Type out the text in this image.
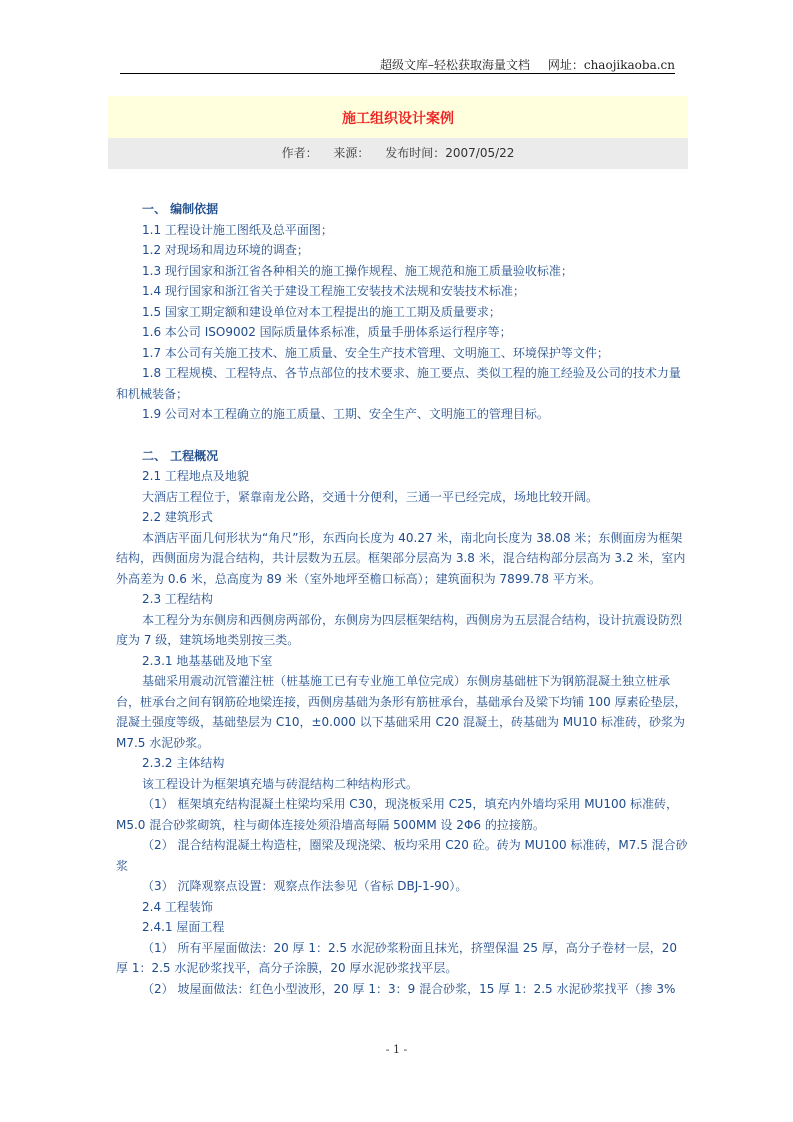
超级文库–轻松获取海量文档 网址：chaojikaoba.cn
施工组织设计案例
作者： 来源： 发布时间：2007/05/22

一、 编制依据

1.1 工程设计施工图纸及总平面图；

1.2 对现场和周边环境的调查；

1.3 现行国家和浙江省各种相关的施工操作规程、施工规范和施工质量验收标准；

1.4 现行国家和浙江省关于建设工程施工安装技术法规和安装技术标准；

1.5 国家工期定额和建设单位对本工程提出的施工工期及质量要求；

1.6 本公司 ISO9002 国际质量体系标准，质量手册体系运行程序等；

1.7 本公司有关施工技术、施工质量、安全生产技术管理、文明施工、环境保护等文件；

1.8 工程规模、工程特点、各节点部位的技术要求、施工要点、类似工程的施工经验及公司的技术力量和机械装备；

1.9 公司对本工程确立的施工质量、工期、安全生产、文明施工的管理目标。

二、 工程概况

2.1 工程地点及地貌

大酒店工程位于，紧靠南龙公路，交通十分便利，三通一平已经完成，场地比较开阔。

2.2 建筑形式

本酒店平面几何形状为“角尺”形，东西向长度为 40.27 米，南北向长度为 38.08 米；东侧面房为框架结构，西侧面房为混合结构，共计层数为五层。框架部分层高为 3.8 米，混合结构部分层高为 3.2 米，室内外高差为 0.6 米，总高度为 89 米（室外地坪至檐口标高）；建筑面积为 7899.78 平方米。

2.3 工程结构

本工程分为东侧房和西侧房两部份，东侧房为四层框架结构，西侧房为五层混合结构，设计抗震设防烈度为 7 级，建筑场地类别按三类。

2.3.1 地基基础及地下室

基础采用震动沉管灌注桩（桩基施工已有专业施工单位完成）东侧房基础桩下为钢筋混凝土独立桩承台，桩承台之间有钢筋砼地梁连接，西侧房基础为条形有筋桩承台，基础承台及梁下均铺 100 厚素砼垫层，混凝土强度等级，基础垫层为 C10，±0.000 以下基础采用 C20 混凝土，砖基础为 MU10 标准砖，砂浆为 M7.5 水泥砂浆。

2.3.2 主体结构

该工程设计为框架填充墙与砖混结构二种结构形式。

（1） 框架填充结构混凝土柱梁均采用 C30，现浇板采用 C25，填充内外墙均采用 MU100 标准砖，M5.0 混合砂浆砌筑，柱与砌体连接处须沿墙高每隔 500MM 设 2Φ6 的拉接筋。

（2） 混合结构混凝土构造柱，圈梁及现浇梁、板均采用 C20 砼。砖为 MU100 标准砖，M7.5 混合砂浆

（3） 沉降观察点设置：观察点作法参见（省标 DBJ-1-90）。

2.4 工程装饰

2.4.1 屋面工程

（1） 所有平屋面做法：20 厚 1：2.5 水泥砂浆粉面且抹光，挤塑保温 25 厚，高分子卷材一层，20 厚 1：2.5 水泥砂浆找平，高分子涂膜，20 厚水泥砂浆找平层。

（2） 坡屋面做法：红色小型波形，20 厚 1：3：9 混合砂浆，15 厚 1：2.5 水泥砂浆找平（掺 3%

- 1 -
